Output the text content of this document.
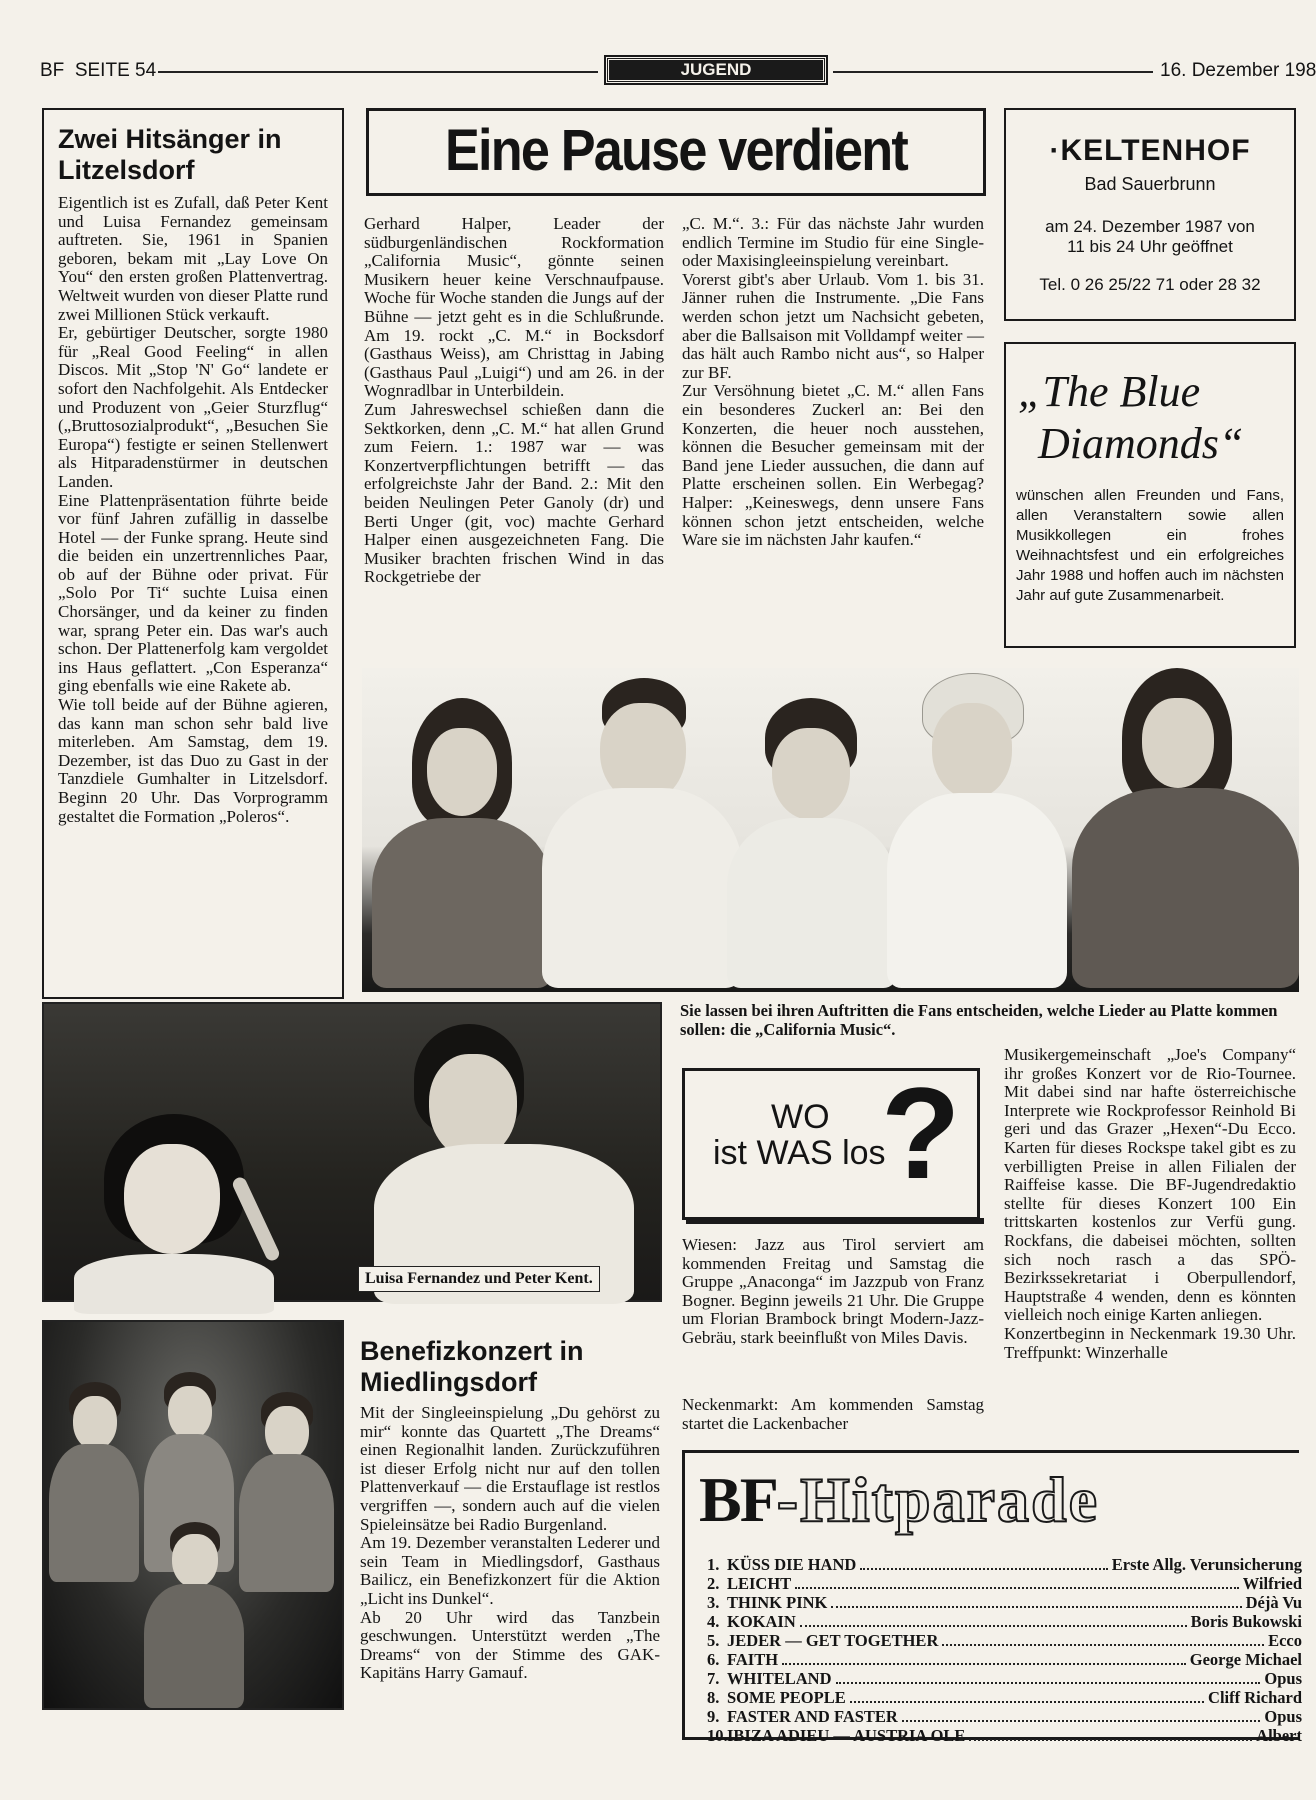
BF  SEITE 54	JUGEND	16. Dezember 198
Zwei Hitsänger in Litzelsdorf
Eigentlich ist es Zufall, daß Peter Kent und Luisa Fernandez gemeinsam auftreten. Sie, 1961 in Spanien geboren, bekam mit „Lay Love On You“ den ersten großen Plattenvertrag. Weltweit wurden von dieser Platte rund zwei Millionen Stück verkauft.
Er, gebürtiger Deutscher, sorgte 1980 für „Real Good Feeling“ in allen Discos. Mit „Stop 'N' Go“ landete er sofort den Nachfolgehit. Als Entdecker und Produzent von „Geier Sturzflug“ („Bruttosozialprodukt“, „Besuchen Sie Europa“) festigte er seinen Stellenwert als Hitparadenstürmer in deutschen Landen.
Eine Plattenpräsentation führte beide vor fünf Jahren zufällig in dasselbe Hotel — der Funke sprang. Heute sind die beiden ein unzertrennliches Paar, ob auf der Bühne oder privat. Für „Solo Por Ti“ suchte Luisa einen Chorsänger, und da keiner zu finden war, sprang Peter ein. Das war's auch schon. Der Plattenerfolg kam vergoldet ins Haus geflattert. „Con Esperanza“ ging ebenfalls wie eine Rakete ab.
Wie toll beide auf der Bühne agieren, das kann man schon sehr bald live miterleben. Am Samstag, dem 19. Dezember, ist das Duo zu Gast in der Tanzdiele Gumhalter in Litzelsdorf. Beginn 20 Uhr. Das Vorprogramm gestaltet die Formation „Poleros“.
Eine Pause verdient
Gerhard Halper, Leader der südburgenländischen Rockformation „California Music“, gönnte seinen Musikern heuer keine Verschnaufpause. Woche für Woche standen die Jungs auf der Bühne — jetzt geht es in die Schlußrunde. Am 19. rockt „C. M.“ in Bocksdorf (Gasthaus Weiss), am Christtag in Jabing (Gasthaus Paul „Luigi“) und am 26. in der Wognradlbar in Unterbildein.
Zum Jahreswechsel schießen dann die Sektkorken, denn „C. M.“ hat allen Grund zum Feiern. 1.: 1987 war — was Konzertverpflichtungen betrifft — das erfolgreichste Jahr der Band. 2.: Mit den beiden Neulingen Peter Ganoly (dr) und Berti Unger (git, voc) machte Gerhard Halper einen ausgezeichneten Fang. Die Musiker brachten frischen Wind in das Rockgetriebe der
„C. M.“. 3.: Für das nächste Jahr wurden endlich Termine im Studio für eine Single- oder Maxisingleeinspielung vereinbart.
Vorerst gibt's aber Urlaub. Vom 1. bis 31. Jänner ruhen die Instrumente. „Die Fans werden schon jetzt um Nachsicht gebeten, aber die Ballsaison mit Volldampf weiter — das hält auch Rambo nicht aus“, so Halper zur BF.
Zur Versöhnung bietet „C. M.“ allen Fans ein besonderes Zuckerl an: Bei den Konzerten, die heuer noch ausstehen, können die Besucher gemeinsam mit der Band jene Lieder aussuchen, die dann auf Platte erscheinen sollen. Ein Werbegag? Halper: „Keineswegs, denn unsere Fans können schon jetzt entscheiden, welche Ware sie im nächsten Jahr kaufen.“
·KELTENHOF
Bad Sauerbrunn
am 24. Dezember 1987 von
11 bis 24 Uhr geöffnet
Tel. 0 26 25/22 71 oder 28 32
„The Blue
Diamonds“
wünschen allen Freunden und Fans, allen Veranstaltern sowie allen Musikkollegen ein frohes Weihnachtsfest und ein erfolgreiches Jahr 1988 und hoffen auch im nächsten Jahr auf gute Zusammenarbeit.
Sie lassen bei ihren Auftritten die Fans entscheiden, welche Lieder au Platte kommen sollen: die „California Music“.
Luisa Fernandez und Peter Kent.
Benefizkonzert in Miedlingsdorf
Mit der Singleeinspielung „Du gehörst zu mir“ konnte das Quartett „The Dreams“ einen Regionalhit landen. Zurückzuführen ist dieser Erfolg nicht nur auf den tollen Plattenverkauf — die Erstauflage ist restlos vergriffen —, sondern auch auf die vielen Spieleinsätze bei Radio Burgenland.
Am 19. Dezember veranstalten Lederer und sein Team in Miedlingsdorf, Gasthaus Bailicz, ein Benefizkonzert für die Aktion „Licht ins Dunkel“.
Ab 20 Uhr wird das Tanzbein geschwungen. Unterstützt werden „The Dreams“ von der Stimme des GAK-Kapitäns Harry Gamauf.
WO
ist WAS los
?
Wiesen: Jazz aus Tirol serviert am kommenden Freitag und Samstag die Gruppe „Anaconga“ im Jazzpub von Franz Bogner. Beginn jeweils 21 Uhr. Die Gruppe um Florian Brambock bringt Modern-Jazz-Gebräu, stark beeinflußt von Miles Davis.
Neckenmarkt: Am kommenden Samstag startet die Lackenbacher
Musikergemeinschaft „Joe's Company“ ihr großes Konzert vor de Rio-Tournee. Mit dabei sind nar hafte österreichische Interprete wie Rockprofessor Reinhold Bi geri und das Grazer „Hexen“-Du Ecco. Karten für dieses Rockspe takel gibt es zu verbilligten Preise in allen Filialen der Raiffeise kasse. Die BF-Jugendredaktio stellte für dieses Konzert 100 Ein trittskarten kostenlos zur Verfü gung. Rockfans, die dabeisei möchten, sollten sich noch rasch a das SPÖ-Bezirkssekretariat i Oberpullendorf, Hauptstraße 4 wenden, denn es könnten vielleich noch einige Karten anliegen.
Konzertbeginn in Neckenmark 19.30 Uhr. Treffpunkt: Winzerhalle
BF-Hitparade
1. KÜSS DIE HAND	Erste Allg. Verunsicherung
2. LEICHT	Wilfried
3. THINK PINK	Déjà Vu
4. KOKAIN	Boris Bukowski
5. JEDER — GET TOGETHER	Ecco
6. FAITH	George Michael
7. WHITELAND	Opus
8. SOME PEOPLE	Cliff Richard
9. FASTER AND FASTER	Opus
10. IBIZA ADIEU — AUSTRIA OLE	Albert
